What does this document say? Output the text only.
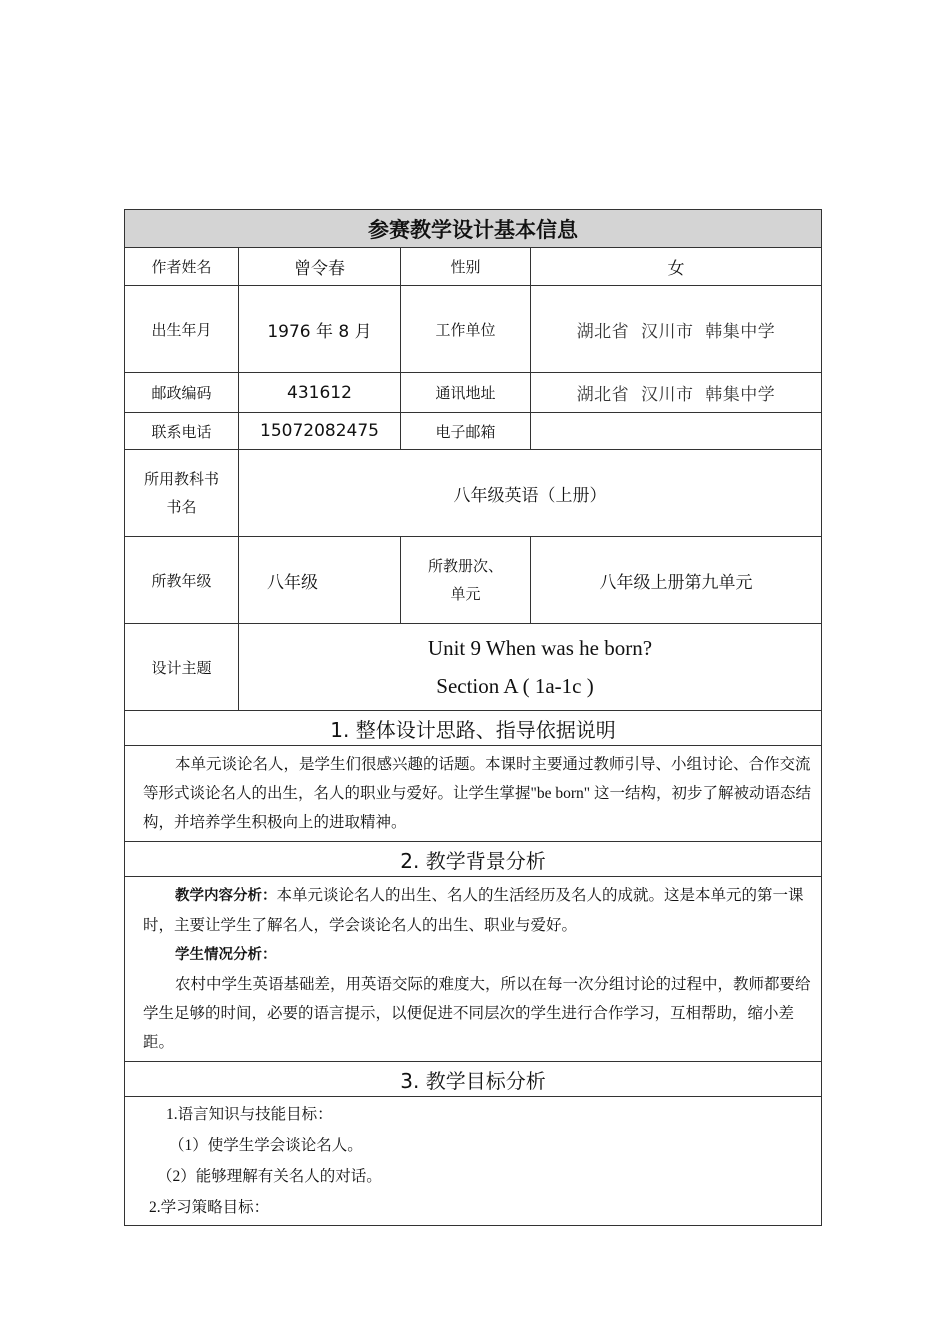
参赛教学设计基本信息			
作者姓名	曾令春	性别	女
出生年月	1976 年 8 月	工作单位	湖北省  汉川市  韩集中学
邮政编码	431612	通讯地址	湖北省  汉川市  韩集中学
联系电话	15072082475	电子邮箱	

所用教科书
书名	八年级英语（上册）		
所教年级	八年级	所教册次、
单元	八年级上册第九单元
设计主题	Unit 9 When was he born?
Section A ( 1a-1c )		

1. 整体设计思路、指导依据说明			

本单元谈论名人，是学生们很感兴趣的话题。本课时主要通过教师引导、小组讨论、合作交流等形式谈论名人的出生，名人的职业与爱好。让学生掌握"be born" 这一结构，初步了解被动语态结构，并培养学生积极向上的进取精神。			

2. 教学背景分析			

教学内容分析：本单元谈论名人的出生、名人的生活经历及名人的成就。这是本单元的第一课时，主要让学生了解名人，学会谈论名人的出生、职业与爱好。

学生情况分析：

农村中学生英语基础差，用英语交际的难度大，所以在每一次分组讨论的过程中，教师都要给学生足够的时间，必要的语言提示，以便促进不同层次的学生进行合作学习，互相帮助，缩小差距。			

3. 教学目标分析			

1.语言知识与技能目标：

（1）使学生学会谈论名人。

（2）能够理解有关名人的对话。

2.学习策略目标：			
